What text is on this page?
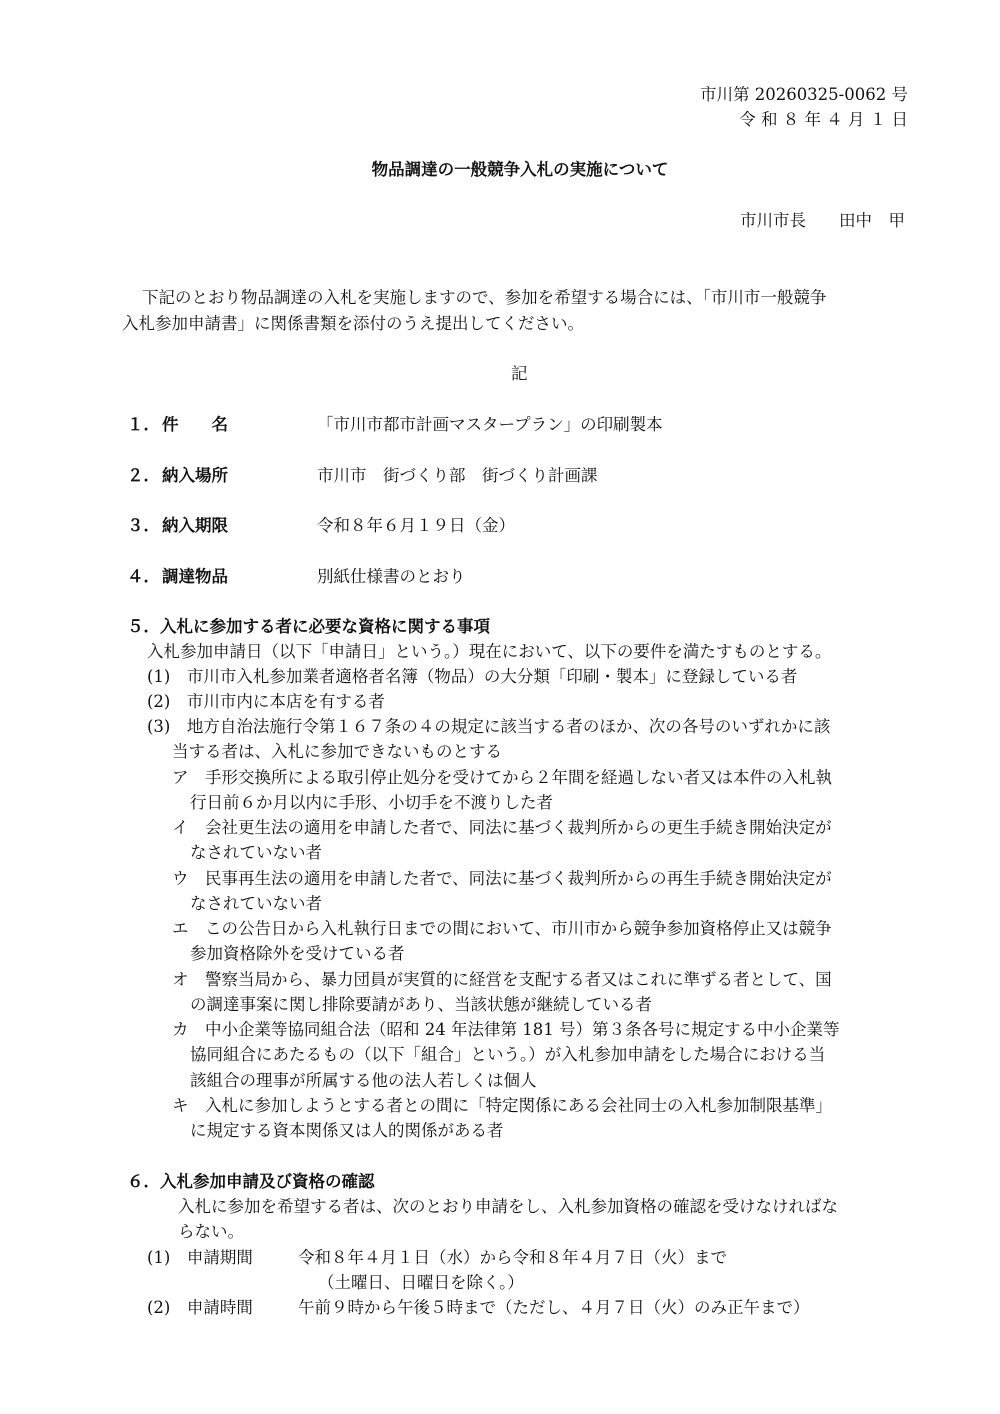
市川第 20260325-0062 号
令 和 ８ 年 ４ 月 １ 日
物品調達の一般競争入札の実施について
市川市長　　田中　甲
下記のとおり物品調達の入札を実施しますので、参加を希望する場合には、「市川市一般競争
入札参加申請書」に関係書類を添付のうえ提出してください。
記
１． 件　　名	「市川市都市計画マスタープラン」の印刷製本
２． 納入場所	市川市　街づくり部　街づくり計画課
３． 納入期限	令和８年６月１９日（金）
４． 調達物品	別紙仕様書のとおり
５．入札に参加する者に必要な資格に関する事項
入札参加申請日（以下「申請日」という。）現在において、以下の要件を満たすものとする。
(1)　市川市入札参加業者適格者名簿（物品）の大分類「印刷・製本」に登録している者
(2)　市川市内に本店を有する者
(3)　地方自治法施行令第１６７条の４の規定に該当する者のほか、次の各号のいずれかに該
当する者は、入札に参加できないものとする
ア　手形交換所による取引停止処分を受けてから２年間を経過しない者又は本件の入札執
行日前６か月以内に手形、小切手を不渡りした者
イ　会社更生法の適用を申請した者で、同法に基づく裁判所からの更生手続き開始決定が
なされていない者
ウ　民事再生法の適用を申請した者で、同法に基づく裁判所からの再生手続き開始決定が
なされていない者
エ　この公告日から入札執行日までの間において、市川市から競争参加資格停止又は競争
参加資格除外を受けている者
オ　警察当局から、暴力団員が実質的に経営を支配する者又はこれに準ずる者として、国
の調達事案に関し排除要請があり、当該状態が継続している者
カ　中小企業等協同組合法（昭和 24 年法律第 181 号）第３条各号に規定する中小企業等
協同組合にあたるもの（以下「組合」という。）が入札参加申請をした場合における当
該組合の理事が所属する他の法人若しくは個人
キ　入札に参加しようとする者との間に「特定関係にある会社同士の入札参加制限基準」
に規定する資本関係又は人的関係がある者
６．入札参加申請及び資格の確認
入札に参加を希望する者は、次のとおり申請をし、入札参加資格の確認を受けなければな
らない。
(1)　申請期間	令和８年４月１日（水）から令和８年４月７日（火）まで
（土曜日、日曜日を除く。）
(2)　申請時間	午前９時から午後５時まで（ただし、４月７日（火）のみ正午まで）
